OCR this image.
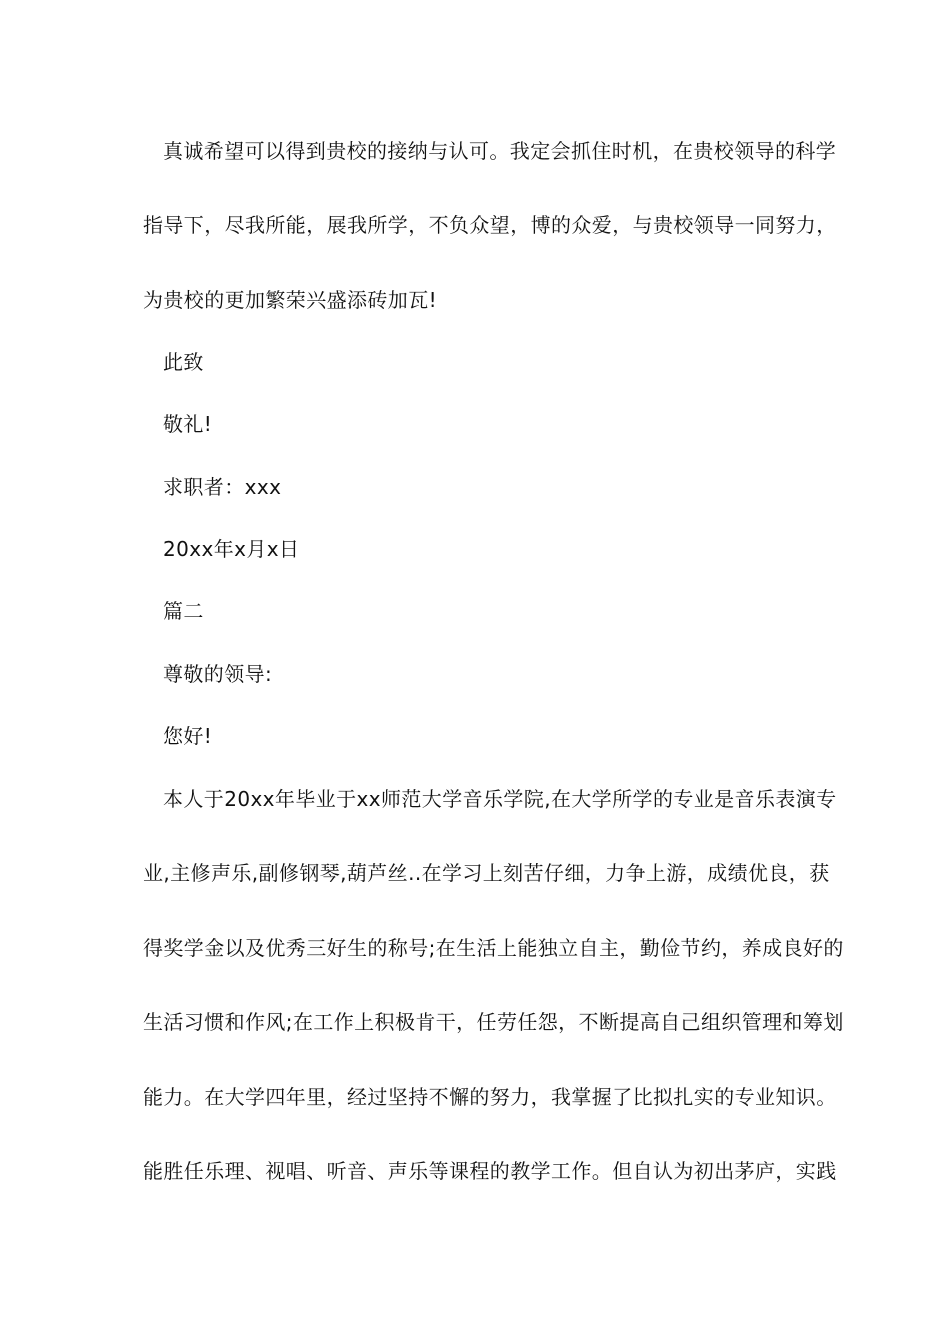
真诚希望可以得到贵校的接纳与认可。我定会抓住时机，在贵校领导的科学

指导下，尽我所能，展我所学，不负众望，博的众爱，与贵校领导一同努力，

为贵校的更加繁荣兴盛添砖加瓦!

此致

敬礼!

求职者：xxx

20xx年x月x日

篇二

尊敬的领导:

您好!

本人于20xx年毕业于xx师范大学音乐学院,在大学所学的专业是音乐表演专

业,主修声乐,副修钢琴,葫芦丝..在学习上刻苦仔细，力争上游，成绩优良，获

得奖学金以及优秀三好生的称号;在生活上能独立自主，勤俭节约，养成良好的

生活习惯和作风;在工作上积极肯干，任劳任怨，不断提高自己组织管理和筹划

能力。在大学四年里，经过坚持不懈的努力，我掌握了比拟扎实的专业知识。

能胜任乐理、视唱、听音、声乐等课程的教学工作。但自认为初出茅庐，实践
